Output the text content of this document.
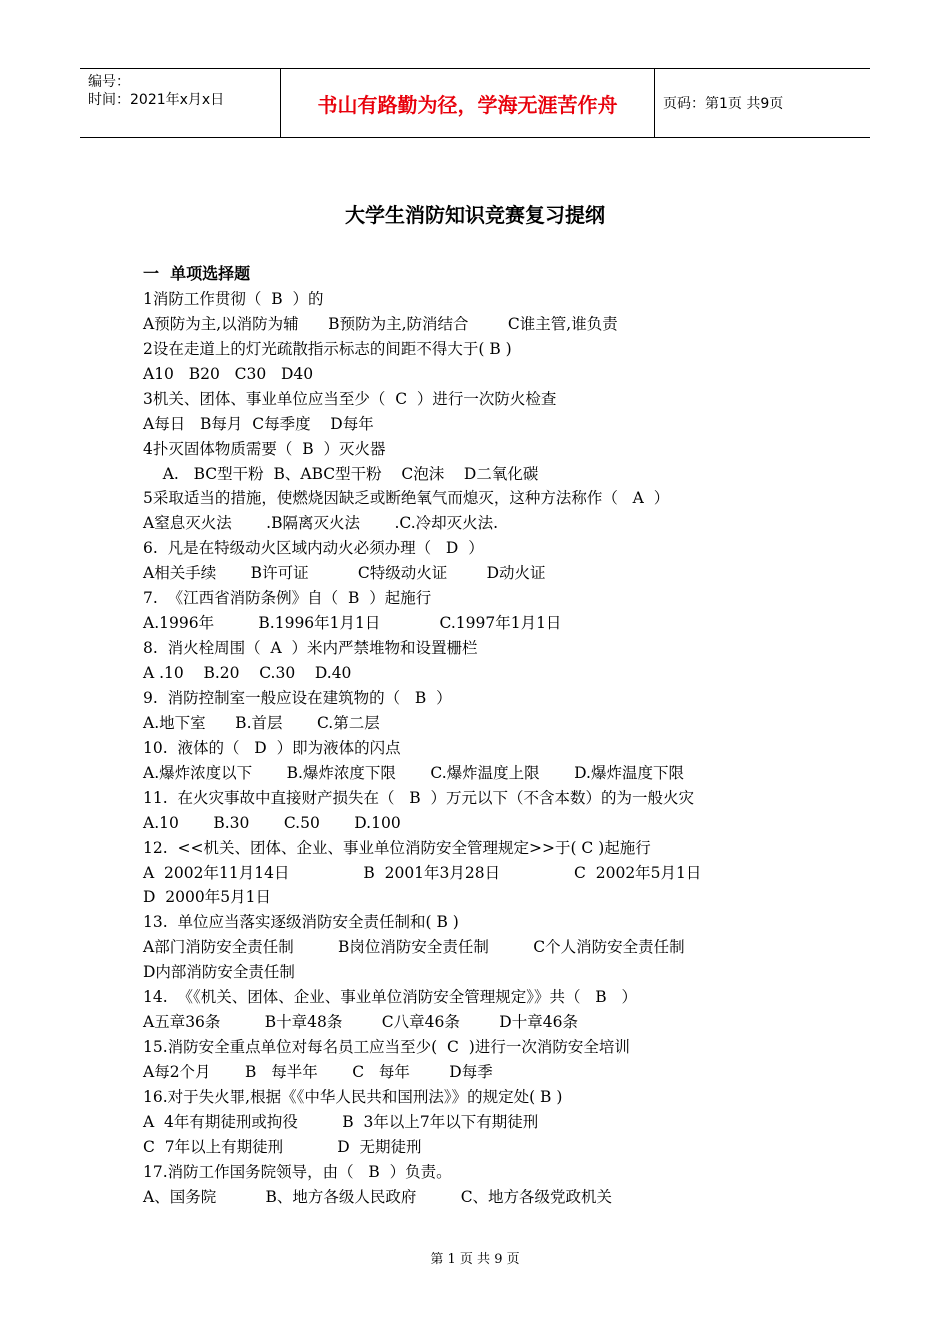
编号：
时间：2021年x月x日	书山有路勤为径，学海无涯苦作舟	页码：第1页 共9页
大学生消防知识竞赛复习提纲
一  单项选择题
1消防工作贯彻（  B  ）的
A预防为主,以消防为辅      B预防为主,防消结合        C谁主管,谁负责
2设在走道上的灯光疏散指示标志的间距不得大于( B )
A10   B20   C30   D40
3机关、团体、事业单位应当至少（  C  ）进行一次防火检查
A每日   B每月  C每季度    D每年
4扑灭固体物质需要（  B  ）灭火器
A.   BC型干粉  B、ABC型干粉    C泡沫    D二氧化碳
5采取适当的措施，使燃烧因缺乏或断绝氧气而熄灭，这种方法称作（   A  ）
A窒息灭火法       .B隔离灭火法       .C.冷却灭火法.
6.  凡是在特级动火区域内动火必须办理（   D  ）
A相关手续       B许可证          C特级动火证        D动火证
7.  《江西省消防条例》自（  B  ）起施行
A.1996年         B.1996年1月1日            C.1997年1月1日
8.  消火栓周围（  A  ）米内严禁堆物和设置栅栏
A .10    B.20    C.30    D.40
9.  消防控制室一般应设在建筑物的（   B  ）
A.地下室      B.首层       C.第二层
10.  液体的（   D  ）即为液体的闪点
A.爆炸浓度以下       B.爆炸浓度下限       C.爆炸温度上限       D.爆炸温度下限
11.  在火灾事故中直接财产损失在（   B  ）万元以下（不含本数）的为一般火灾
A.10       B.30       C.50       D.100
12.  <<机关、团体、企业、事业单位消防安全管理规定>>于( C )起施行
A  2002年11月14日               B  2001年3月28日               C  2002年5月1日
D  2000年5月1日
13.  单位应当落实逐级消防安全责任制和( B )
A部门消防安全责任制         B岗位消防安全责任制         C个人消防安全责任制
D内部消防安全责任制
14.  《《机关、团体、企业、事业单位消防安全管理规定》》共（   B   ）
A五章36条         B十章48条        C八章46条        D十章46条
15.消防安全重点单位对每名员工应当至少(  C  )进行一次消防安全培训
A每2个月       B   每半年       C   每年        D每季
16.对于失火罪,根据《《中华人民共和国刑法》》的规定处( B )
A  4年有期徒刑或拘役         B  3年以上7年以下有期徒刑
C  7年以上有期徒刑           D  无期徒刑
17.消防工作国务院领导，由（   B  ）负责。
A、国务院          B、地方各级人民政府         C、地方各级党政机关
第 1 页 共 9 页
